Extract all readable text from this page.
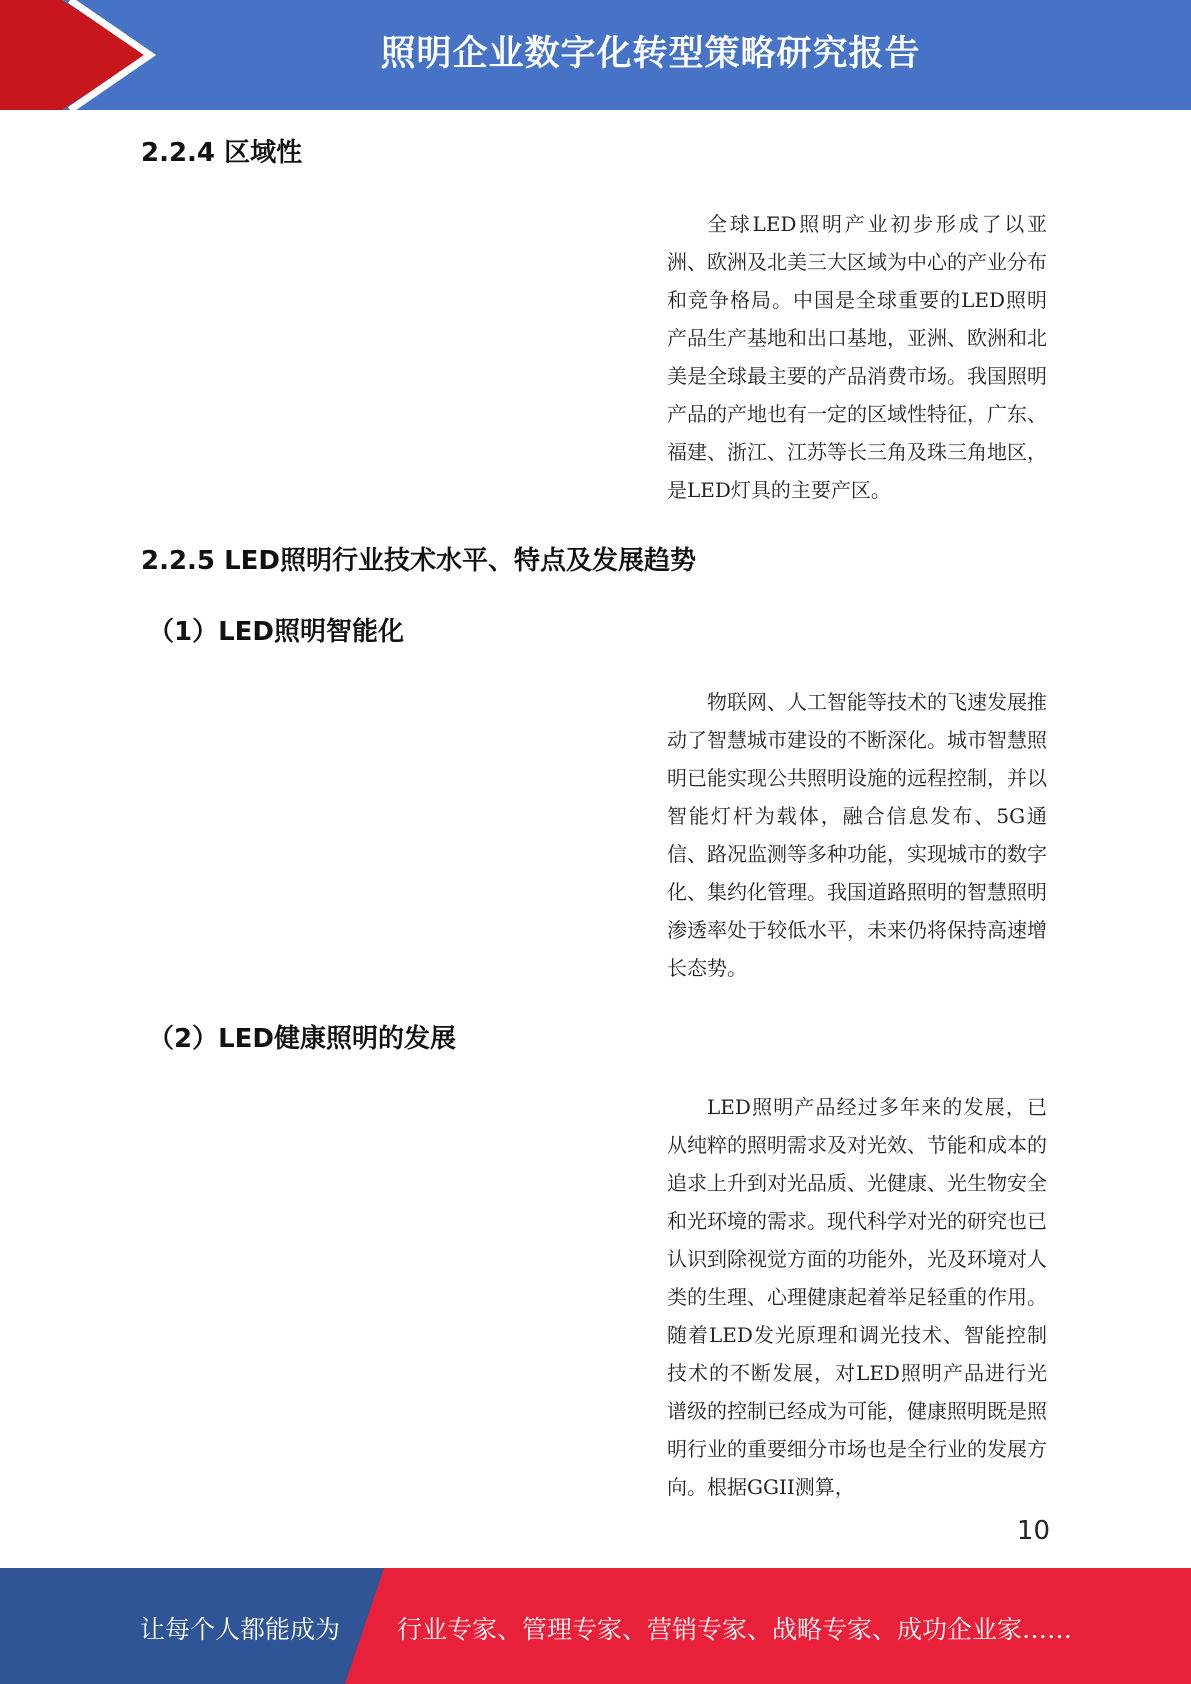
照明企业数字化转型策略研究报告
2.2.4 区域性

全球LED照明产业初步形成了以亚洲、欧洲及北美三大区域为中心的产业分布和竞争格局。中国是全球重要的LED照明产品生产基地和出口基地，亚洲、欧洲和北美是全球最主要的产品消费市场。我国照明产品的产地也有一定的区域性特征，广东、福建、浙江、江苏等长三角及珠三角地区，是LED灯具的主要产区。

2.2.5 LED照明行业技术水平、特点及发展趋势
（1）LED照明智能化

物联网、人工智能等技术的飞速发展推动了智慧城市建设的不断深化。城市智慧照明已能实现公共照明设施的远程控制，并以智能灯杆为载体，融合信息发布、5G通信、路况监测等多种功能，实现城市的数字化、集约化管理。我国道路照明的智慧照明渗透率处于较低水平，未来仍将保持高速增长态势。

（2）LED健康照明的发展

LED照明产品经过多年来的发展，已从纯粹的照明需求及对光效、节能和成本的追求上升到对光品质、光健康、光生物安全和光环境的需求。现代科学对光的研究也已认识到除视觉方面的功能外，光及环境对人类的生理、心理健康起着举足轻重的作用。随着LED发光原理和调光技术、智能控制技术的不断发展，对LED照明产品进行光谱级的控制已经成为可能，健康照明既是照明行业的重要细分市场也是全行业的发展方向。根据GGII测算，

10
让每个人都能成为 行业专家、管理专家、营销专家、战略专家、成功企业家……
